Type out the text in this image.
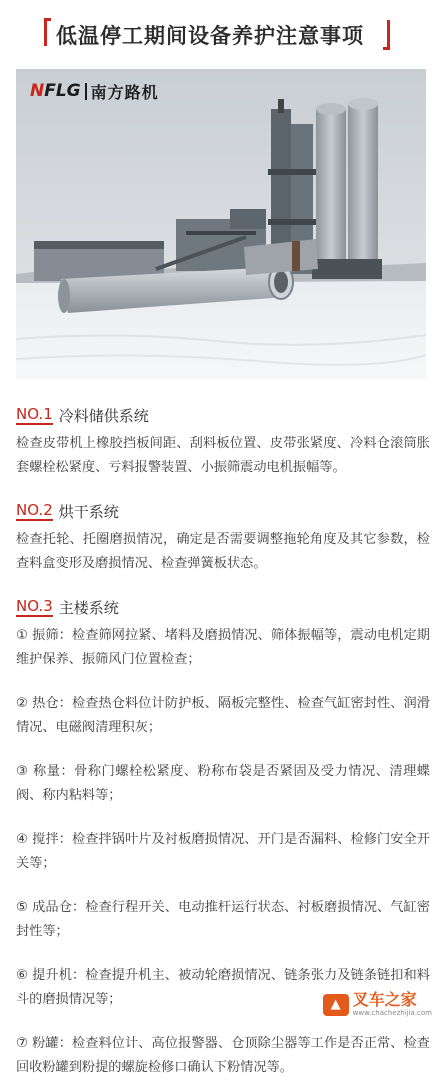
低温停工期间设备养护注意事项
NFLG 南方路机
NO.1 冷料储供系统

检查皮带机上橡胶挡板间距、刮料板位置、皮带张紧度、冷料仓滚筒胀套螺栓松紧度、亏料报警装置、小振筛震动电机振幅等。

NO.2 烘干系统

检查托轮、托圈磨损情况，确定是否需要调整拖轮角度及其它参数，检查料盒变形及磨损情况、检查弹簧板状态。

NO.3 主楼系统

① 振筛：检查筛网拉紧、堵料及磨损情况、筛体振幅等，震动电机定期维护保养、振筛风门位置检查；

② 热仓：检查热仓料位计防护板、隔板完整性、检查气缸密封性、润滑情况、电磁阀清理积灰；

③ 称量：骨称门螺栓松紧度、粉称布袋是否紧固及受力情况、清理蝶阀、称内粘料等；

④ 搅拌：检查拌锅叶片及衬板磨损情况、开门是否漏料、检修门安全开关等；

⑤ 成品仓：检查行程开关、电动推杆运行状态、衬板磨损情况、气缸密封性等；

⑥ 提升机：检查提升机主、被动轮磨损情况、链条张力及链条链扣和料斗的磨损情况等；

⑦ 粉罐：检查料位计、高位报警器、仓顶除尘器等工作是否正常、检查回收粉罐到粉提的螺旋检修口确认下粉情况等。

▲ 叉车之家
www.chachezhijia.com
